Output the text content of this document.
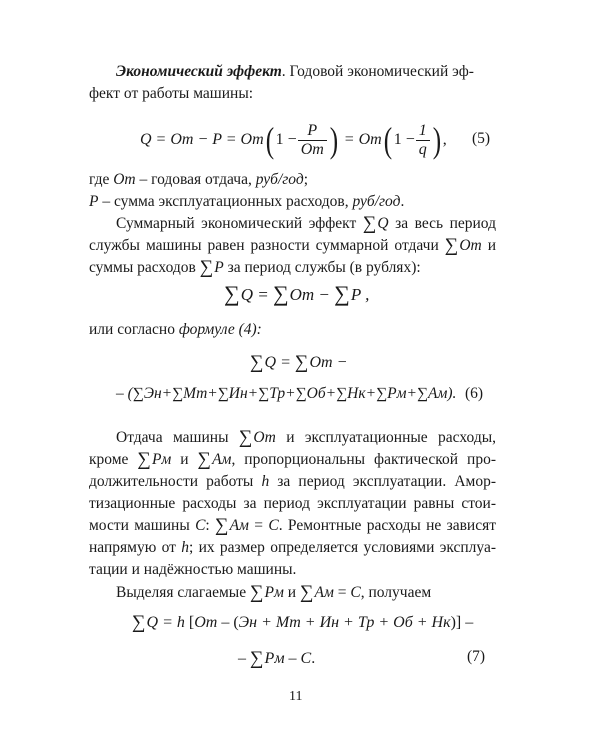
Экономический эффект. Годовой экономический эф-
фект от работы машины:
Q = Om − P = Om( $1 - \frac{P}{Om}$ ) = Om( $1 - \frac{1}{q}$ ) , (5)
где Om – годовая отдача, руб/год;
P – сумма эксплуатационных расходов, руб/год.
Суммарный экономический эффект ∑Q за весь период
службы машины равен разности суммарной отдачи ∑Om и
суммы расходов ∑P за период службы (в рублях):
∑Q = ∑Om − ∑P ,
или согласно формуле (4):
∑Q = ∑Om −
– (∑Эн+∑Мт+∑Ин+∑Тр+∑Об+∑Нк+∑Рм+∑Ам). (6)
Отдача машины ∑Om и эксплуатационные расходы,
кроме ∑Рм и ∑Ам, пропорциональны фактической про-
должительности работы h за период эксплуатации. Амор-
тизационные расходы за период эксплуатации равны стои-
мости машины С: ∑Ам = С. Ремонтные расходы не зависят
напрямую от h; их размер определяется условиями эксплуа-
тации и надёжностью машины.
Выделяя слагаемые ∑Рм и ∑Ам = С, получаем
∑Q = h [Om – (Эн + Мт + Ин + Тр + Об + Нк)] –
– ∑Рм – С.	(7)
11
